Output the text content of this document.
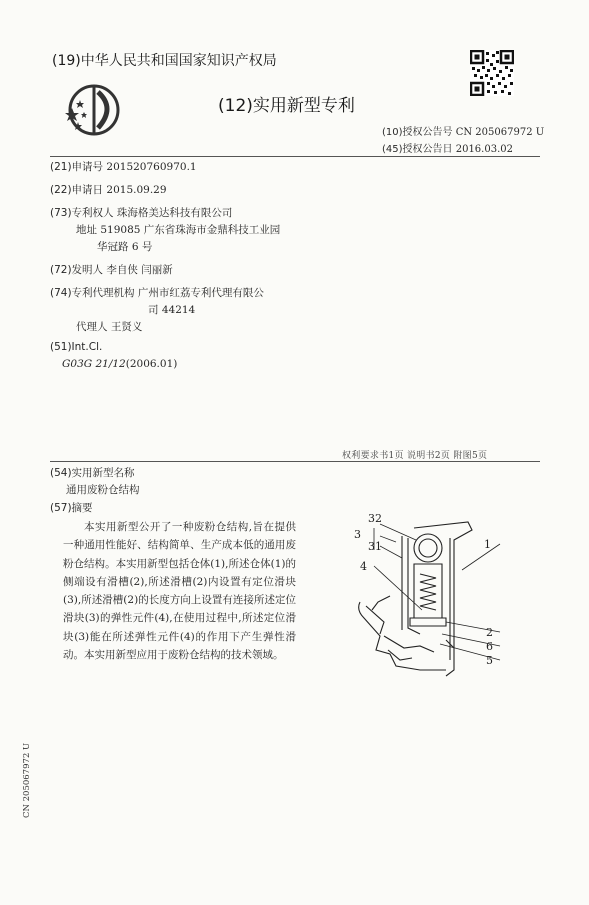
(19)中华人民共和国国家知识产权局
(12)实用新型专利
(10)授权公告号 CN 205067972 U
(45)授权公告日 2016.03.02
(21)申请号 201520760970.1
(22)申请日 2015.09.29
(73)专利权人 珠海格美达科技有限公司
地址 519085 广东省珠海市金鼎科技工业园
华冠路 6 号
(72)发明人 李自侠 闫丽新
(74)专利代理机构 广州市红荔专利代理有限公
司 44214
代理人 王贤义
(51)Int.Cl.
G03G 21/12(2006.01)
权利要求书1页 说明书2页 附图5页
(54)实用新型名称
通用废粉仓结构
(57)摘要
本实用新型公开了一种废粉仓结构,旨在提供一种通用性能好、结构简单、生产成本低的通用废粉仓结构。本实用新型包括仓体(1),所述仓体(1)的侧端设有滑槽(2),所述滑槽(2)内设置有定位滑块(3),所述滑槽(2)的长度方向上设置有连接所述定位滑块(3)的弹性元件(4),在使用过程中,所述定位滑块(3)能在所述弹性元件(4)的作用下产生弹性滑动。本实用新型应用于废粉仓结构的技术领域。
32
3
31	1
4
2
6
5
CN 205067972 U
